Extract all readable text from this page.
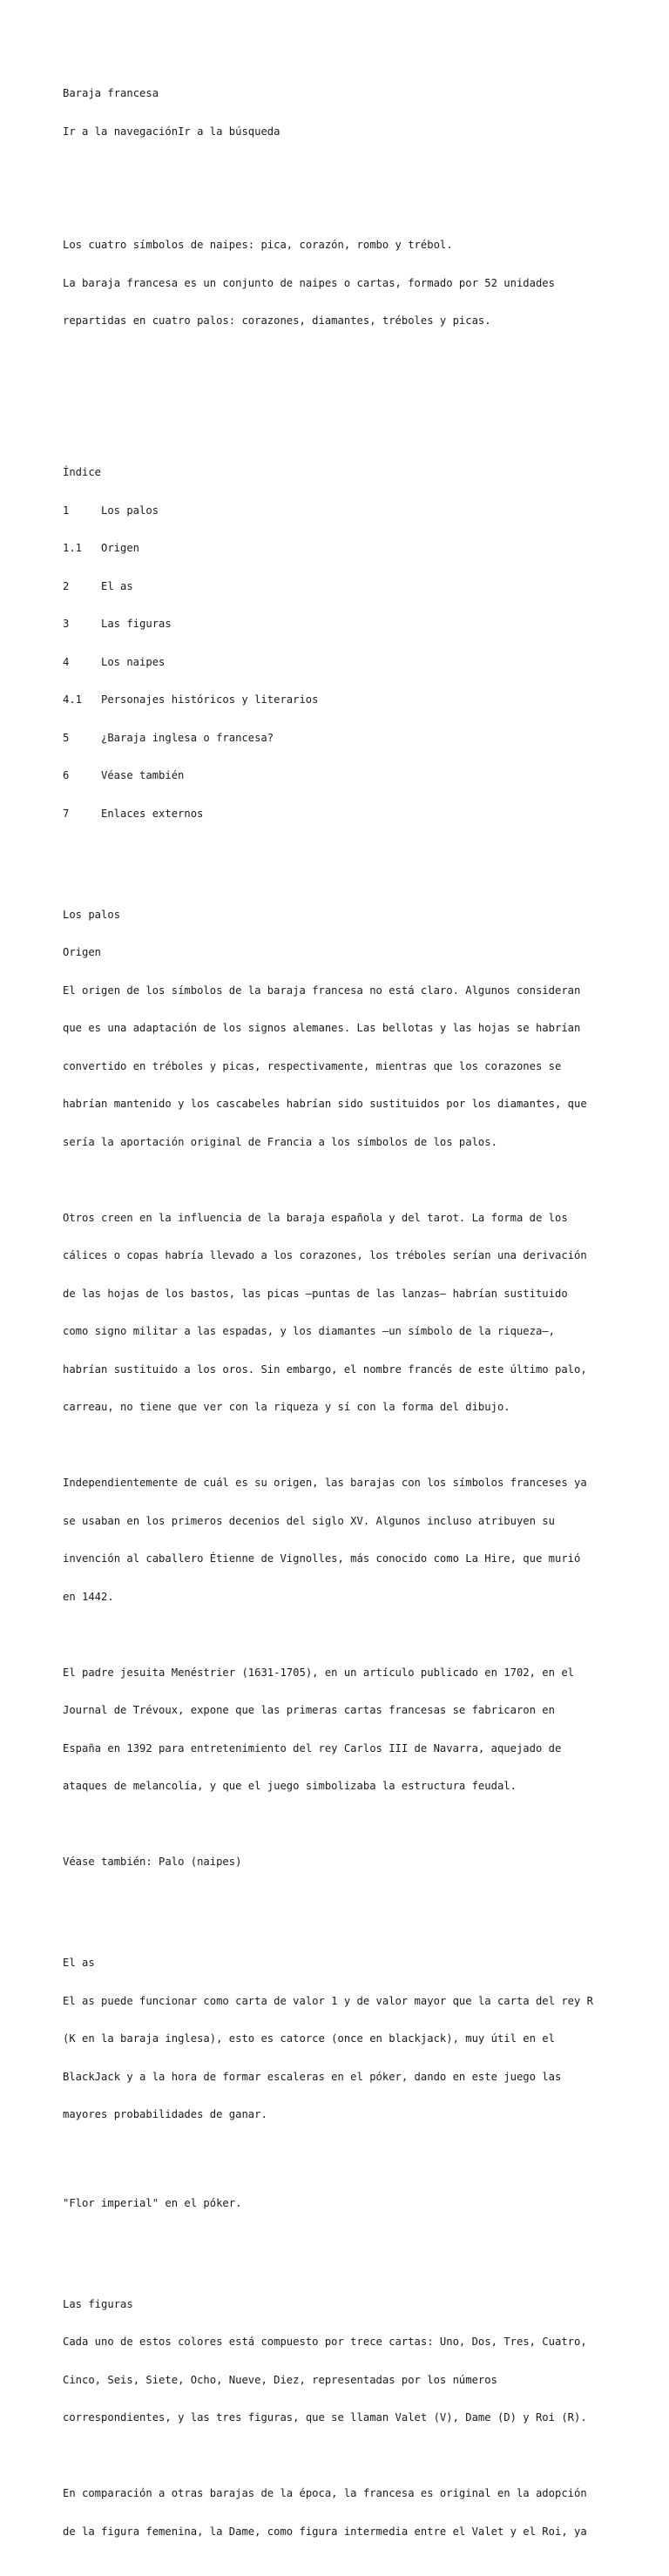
Baraja francesa

Ir a la navegaciónIr a la búsqueda

Los cuatro símbolos de naipes: pica, corazón, rombo y trébol.

La baraja francesa es un conjunto de naipes o cartas, formado por 52 unidades

repartidas en cuatro palos: corazones, diamantes, tréboles y picas.

Índice

1	Los palos

1.1 Origen

2	El as

3	Las figuras

4	Los naipes

4.1 Personajes históricos y literarios

5	¿Baraja inglesa o francesa?

6	Véase también

7	Enlaces externos

Los palos

Origen

El origen de los símbolos de la baraja francesa no está claro. Algunos consideran

que es una adaptación de los signos alemanes. Las bellotas y las hojas se habrían

convertido en tréboles y picas, respectivamente, mientras que los corazones se

habrían mantenido y los cascabeles habrían sido sustituidos por los diamantes, que

sería la aportación original de Francia a los símbolos de los palos.

Otros creen en la influencia de la baraja española y del tarot. La forma de los

cálices o copas habría llevado a los corazones, los tréboles serían una derivación

de las hojas de los bastos, las picas —puntas de las lanzas— habrían sustituido

como signo militar a las espadas, y los diamantes —un símbolo de la riqueza—,

habrían sustituido a los oros. Sin embargo, el nombre francés de este último palo,

carreau, no tiene que ver con la riqueza y sí con la forma del dibujo.

Independientemente de cuál es su origen, las barajas con los símbolos franceses ya

se usaban en los primeros decenios del siglo XV. Algunos incluso atribuyen su

invención al caballero Étienne de Vignolles, más conocido como La Hire, que murió

en 1442.

El padre jesuita Menéstrier (1631-1705), en un artículo publicado en 1702, en el

Journal de Trévoux, expone que las primeras cartas francesas se fabricaron en

España en 1392 para entretenimiento del rey Carlos III de Navarra, aquejado de

ataques de melancolía, y que el juego simbolizaba la estructura feudal.

Véase también: Palo (naipes)

El as

El as puede funcionar como carta de valor 1 y de valor mayor que la carta del rey R

(K en la baraja inglesa), esto es catorce (once en blackjack), muy útil en el

BlackJack y a la hora de formar escaleras en el póker, dando en este juego las

mayores probabilidades de ganar.

"Flor imperial" en el póker.

Las figuras

Cada uno de estos colores está compuesto por trece cartas: Uno, Dos, Tres, Cuatro,

Cinco, Seis, Siete, Ocho, Nueve, Diez, representadas por los números

correspondientes, y las tres figuras, que se llaman Valet (V), Dame (D) y Roi (R).

En comparación a otras barajas de la época, la francesa es original en la adopción

de la figura femenina, la Dame, como figura intermedia entre el Valet y el Roi, ya
